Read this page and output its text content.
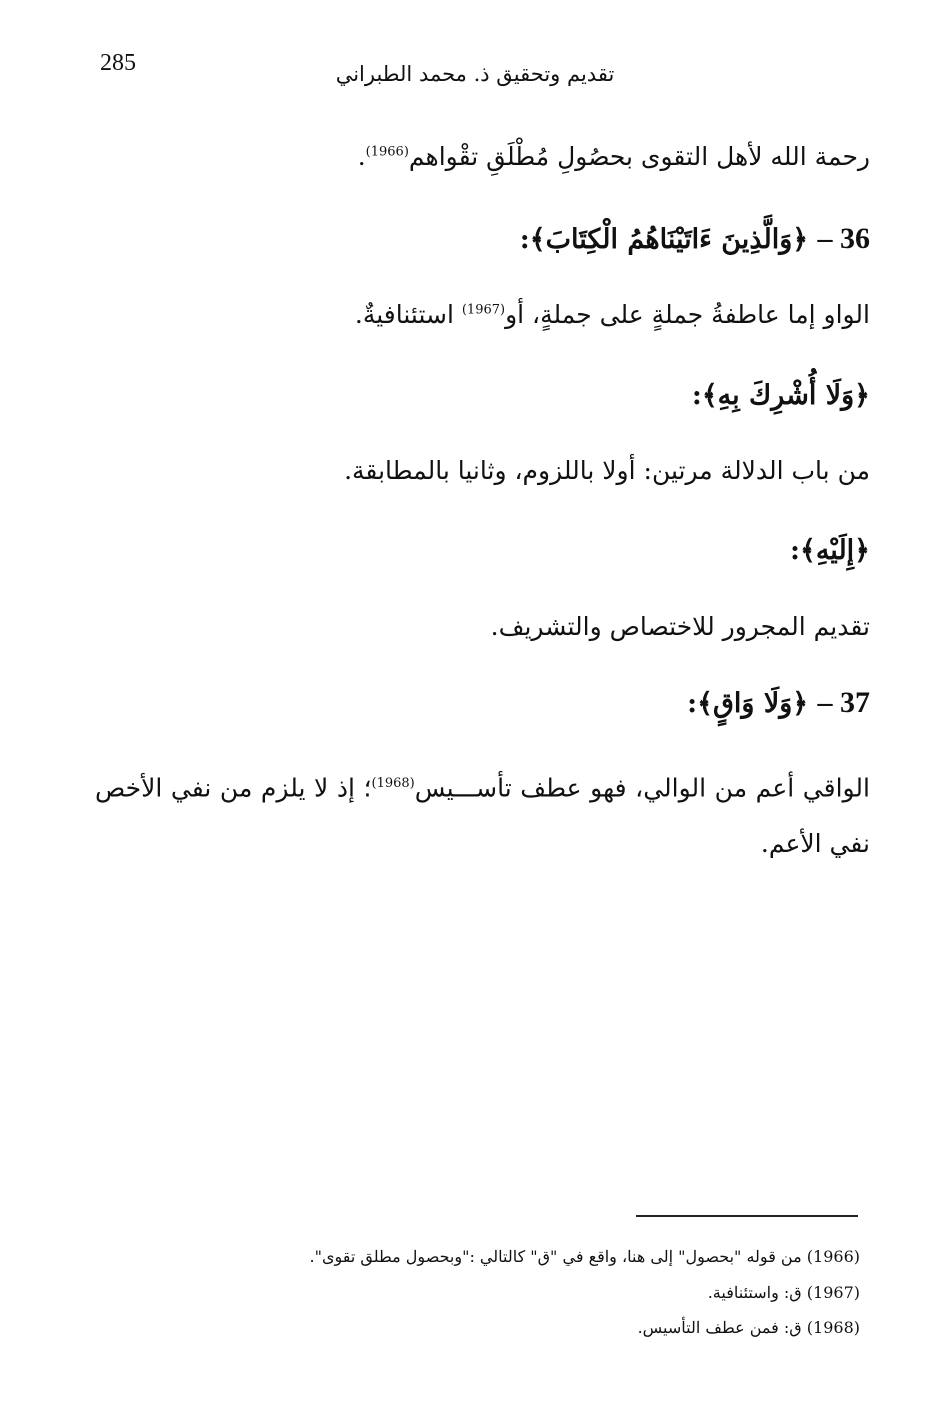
285	تقديم وتحقيق ذ. محمد الطبراني
رحمة الله لأهل التقوى بحصُولِ مُطْلَقِ تقْواهم$^{(1966)}$.
36 – ﴿وَالَّذِينَ ءَاتَيْنَاهُمُ الْكِتَابَ﴾:
الواو إما عاطفةُ جملةٍ على جملةٍ، أو$^{(1967)}$ استئنافيةٌ.
﴿وَلَا أُشْرِكَ بِهِ﴾:
من باب الدلالة مرتين: أولا باللزوم، وثانيا بالمطابقة.
﴿إِلَيْهِ﴾:
تقديم المجرور للاختصاص والتشريف.
37 – ﴿وَلَا وَاقٍ﴾:
الواقي أعم من الوالي، فهو عطف تأســـيس$^{(1968)}$؛ إذ لا يلزم من نفي الأخص نفي الأعم.
(1966) من قوله "بحصول" إلى هنا، واقع في "ق" كالتالي :"وبحصول مطلق تقوى".
(1967) ق: واستئنافية.
(1968) ق: فمن عطف التأسيس.
